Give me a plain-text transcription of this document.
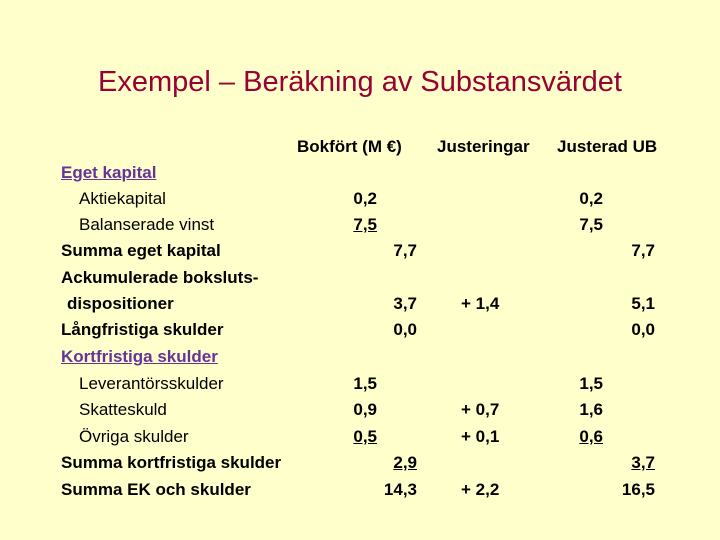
Exempel – Beräkning av Substansvärdet
Bokfört (M €) Justeringar Justerad UB
Eget kapital
Aktiekapital
Balanserade vinst
Summa eget kapital
Ackumulerade boksluts-
dispositioner
Långfristiga skulder
Kortfristiga skulder
Leverantörsskulder
Skatteskuld
Övriga skulder
Summa kortfristiga skulder
Summa EK och skulder
0,2
7,5
1,5
0,9
0,5
7,7
3,7
0,0
2,9
14,3
+ 1,4
+ 0,7
+ 0,1
+ 2,2
0,2
7,5
1,5
1,6
0,6
7,7
5,1
0,0
3,7
16,5
